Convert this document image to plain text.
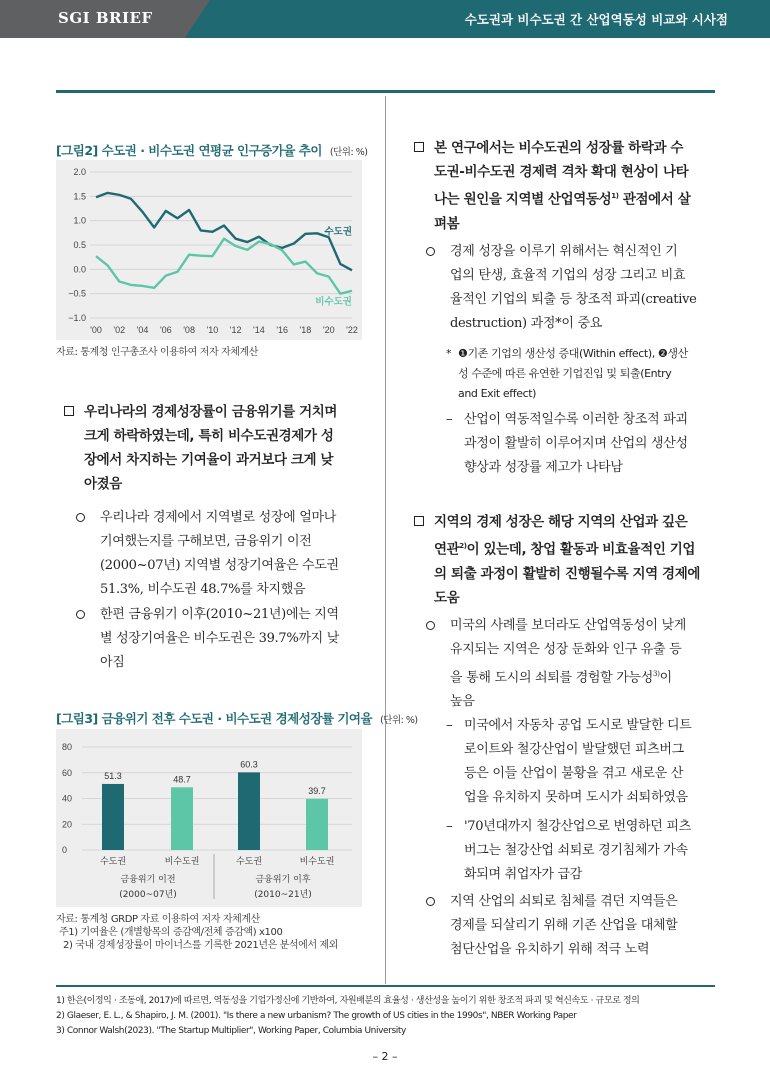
SGI BRIEF	수도권과 비수도권 간 산업역동성 비교와 시사점
[그림2] 수도권 · 비수도권 연평균 인구증가율 추이 (단위: %)
2.0
1.5
1.0
0.5
0.0
−0.5
−1.0
'00 '02 '04 '06 '08 '10 '12 '14 '16 '18 '20 '22
수도권
비수도권
자료: 통계청 인구총조사 이용하여 저자 자체계산
우리나라의 경제성장률이 금융위기를 거치며
크게 하락하였는데, 특히 비수도권경제가 성
장에서 차지하는 기여율이 과거보다 크게 낮
아졌음
우리나라 경제에서 지역별로 성장에 얼마나
기여했는지를 구해보면, 금융위기 이전
(2000~07년) 지역별 성장기여율은 수도권
51.3%, 비수도권 48.7%를 차지했음
한편 금융위기 이후(2010~21년)에는 지역
별 성장기여율은 비수도권은 39.7%까지 낮
아짐
[그림3] 금융위기 전후 수도권 · 비수도권 경제성장률 기여율 (단위: %)
80
60
40
20
0
51.3
수도권
48.7
비수도권
60.3
수도권
39.7
비수도권
금융위기 이전
(2000~07년)
금융위기 이후
(2010~21년)
자료: 통계청 GRDP 자료 이용하여 저자 자체계산
주1) 기여율은 (개별항목의 증감액/전체 증감액) x100
2) 국내 경제성장률이 마이너스를 기록한 2021년은 분석에서 제외
본 연구에서는 비수도권의 성장률 하락과 수
도권-비수도권 경제력 격차 확대 현상이 나타
나는 원인을 지역별 산업역동성$^{1)}$ 관점에서 살
펴봄
경제 성장을 이루기 위해서는 혁신적인 기
업의 탄생, 효율적 기업의 성장 그리고 비효
율적인 기업의 퇴출 등 창조적 파괴(creative
destruction) 과정*이 중요
* ❶기존 기업의 생산성 증대(Within effect), ❷생산
성 수준에 따른 유연한 기업진입 및 퇴출(Entry
and Exit effect)
– 산업이 역동적일수록 이러한 창조적 파괴
과정이 활발히 이루어지며 산업의 생산성
향상과 성장률 제고가 나타남
지역의 경제 성장은 해당 지역의 산업과 깊은
연관$^{2)}$이 있는데, 창업 활동과 비효율적인 기업
의 퇴출 과정이 활발히 진행될수록 지역 경제에
도움
미국의 사례를 보더라도 산업역동성이 낮게
유지되는 지역은 성장 둔화와 인구 유출 등
을 통해 도시의 쇠퇴를 경험할 가능성$^{3)}$이
높음
– 미국에서 자동차 공업 도시로 발달한 디트
로이트와 철강산업이 발달했던 피츠버그
등은 이들 산업이 불황을 겪고 새로운 산
업을 유치하지 못하며 도시가 쇠퇴하였음
– '70년대까지 철강산업으로 번영하던 피츠
버그는 철강산업 쇠퇴로 경기침체가 가속
화되며 취업자가 급감
지역 산업의 쇠퇴로 침체를 겪던 지역들은
경제를 되살리기 위해 기존 산업을 대체할
첨단산업을 유치하기 위해 적극 노력
1) 한은(이정익 · 조동애, 2017)에 따르면, 역동성을 기업가정신에 기반하여, 자원배분의 효율성 · 생산성을 높이기 위한 창조적 파괴 및 혁신속도 · 규모로 정의
2) Glaeser, E. L., & Shapiro, J. M. (2001). "Is there a new urbanism? The growth of US cities in the 1990s", NBER Working Paper
3) Connor Walsh(2023). "The Startup Multiplier", Working Paper, Columbia University
– 2 –
